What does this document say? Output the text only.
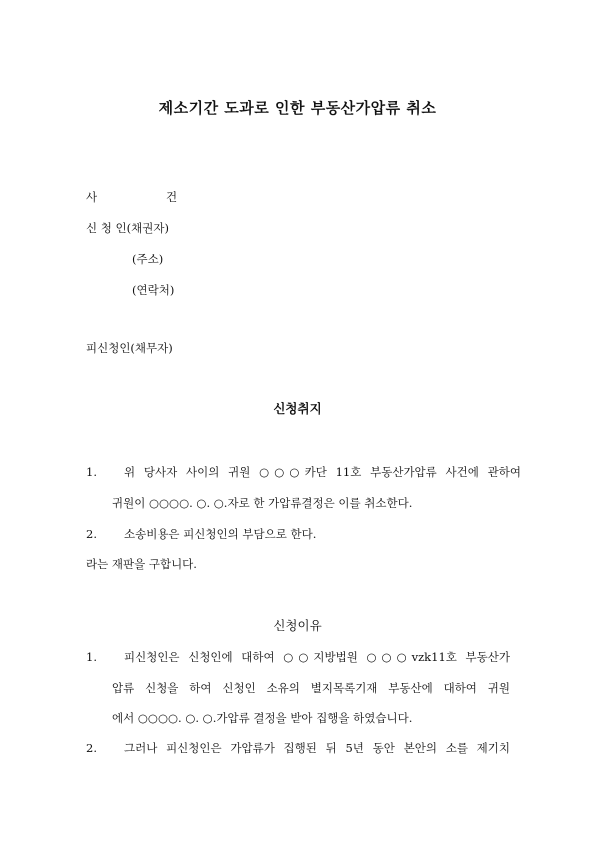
제소기간 도과로 인한 부동산가압류 취소
사	건
신 청 인(채권자)
(주소)
(연락처)
피신청인(채무자)
신청취지
1. 위 당사자 사이의 귀원 ○○○카단 11호 부동산가압류 사건에 관하여
귀원이 ○○○○. ○. ○.자로 한 가압류결정은 이를 취소한다.
2. 소송비용은 피신청인의 부담으로 한다.
라는 재판을 구합니다.
신청이유
1. 피신청인은 신청인에 대하여 ○○지방법원 ○○○vzk11호 부동산가
압류 신청을 하여 신청인 소유의 별지목록기재 부동산에 대하여 귀원
에서 ○○○○. ○. ○.가압류 결정을 받아 집행을 하였습니다.
2. 그러나 피신청인은 가압류가 집행된 뒤 5년 동안 본안의 소를 제기치
